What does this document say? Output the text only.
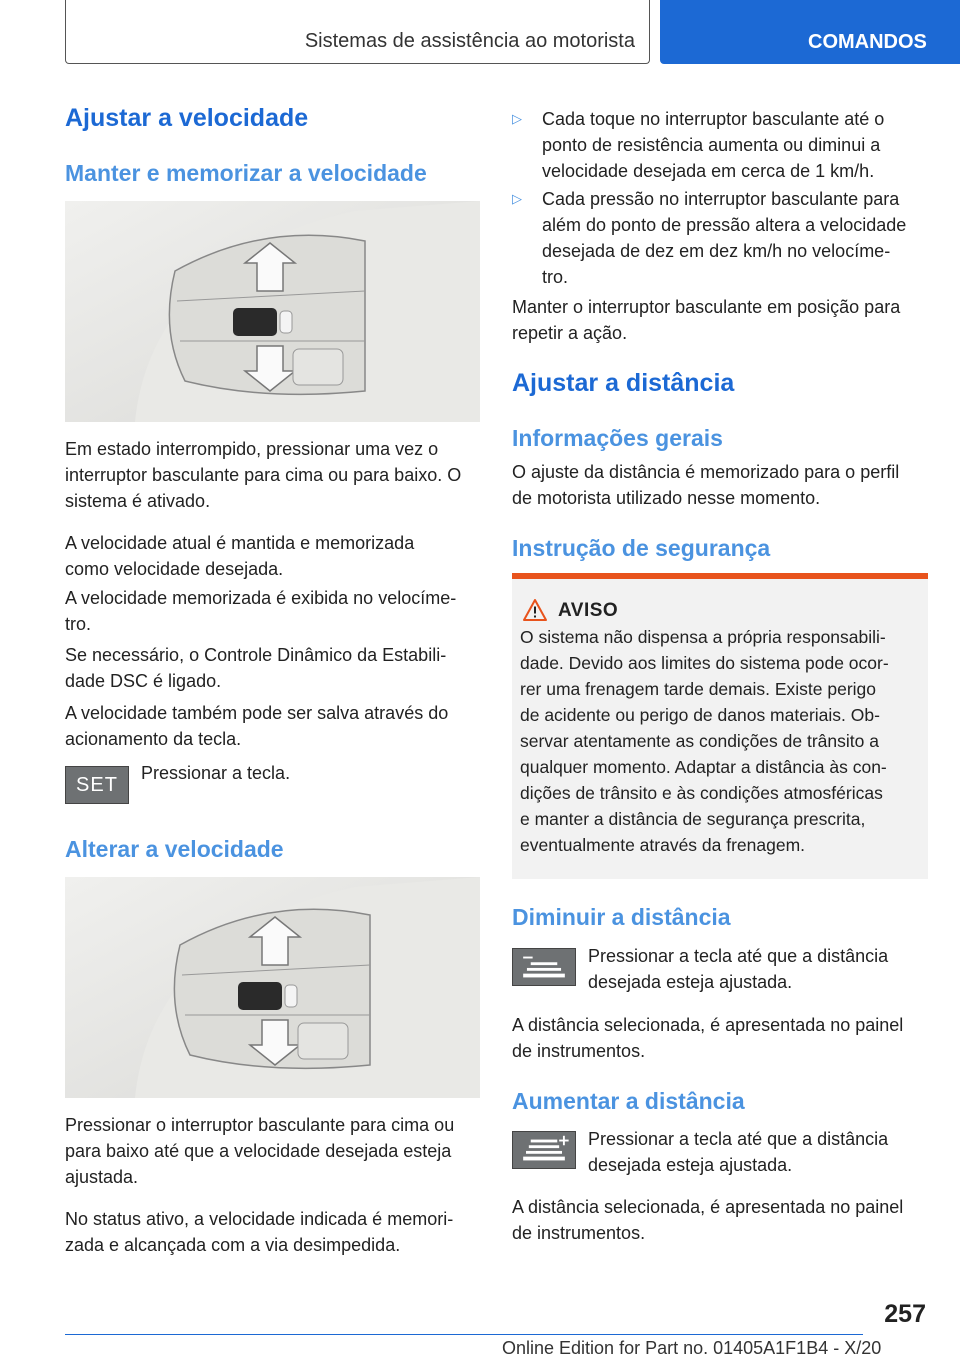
Sistemas de assistência ao motorista	COMANDOS
Ajustar a velocidade
Manter e memorizar a velocidade
Em estado interrompido, pressionar uma vez o
interruptor basculante para cima ou para baixo. O
sistema é ativado.
A velocidade atual é mantida e memorizada
como velocidade desejada.
A velocidade memorizada é exibida no velocíme-
tro.
Se necessário, o Controle Dinâmico da Estabili-
dade DSC é ligado.
A velocidade também pode ser salva através do
acionamento da tecla.
SET
Pressionar a tecla.
Alterar a velocidade
Pressionar o interruptor basculante para cima ou
para baixo até que a velocidade desejada esteja
ajustada.
No status ativo, a velocidade indicada é memori-
zada e alcançada com a via desimpedida.
▷ Cada toque no interruptor basculante até o
ponto de resistência aumenta ou diminui a
velocidade desejada em cerca de 1 km/h.
▷ Cada pressão no interruptor basculante para
além do ponto de pressão altera a velocidade
desejada de dez em dez km/h no velocíme-
tro.
Manter o interruptor basculante em posição para
repetir a ação.
Ajustar a distância
Informações gerais
O ajuste da distância é memorizado para o perfil
de motorista utilizado nesse momento.
Instrução de segurança
AVISO
O sistema não dispensa a própria responsabili-
dade. Devido aos limites do sistema pode ocor-
rer uma frenagem tarde demais. Existe perigo
de acidente ou perigo de danos materiais. Ob-
servar atentamente as condições de trânsito a
qualquer momento. Adaptar a distância às con-
dições de trânsito e às condições atmosféricas
e manter a distância de segurança prescrita,
eventualmente através da frenagem.
Diminuir a distância
Pressionar a tecla até que a distância
desejada esteja ajustada.
A distância selecionada, é apresentada no painel
de instrumentos.
Aumentar a distância
Pressionar a tecla até que a distância
desejada esteja ajustada.
A distância selecionada, é apresentada no painel
de instrumentos.
257
Online Edition for Part no. 01405A1F1B4 - X/20
